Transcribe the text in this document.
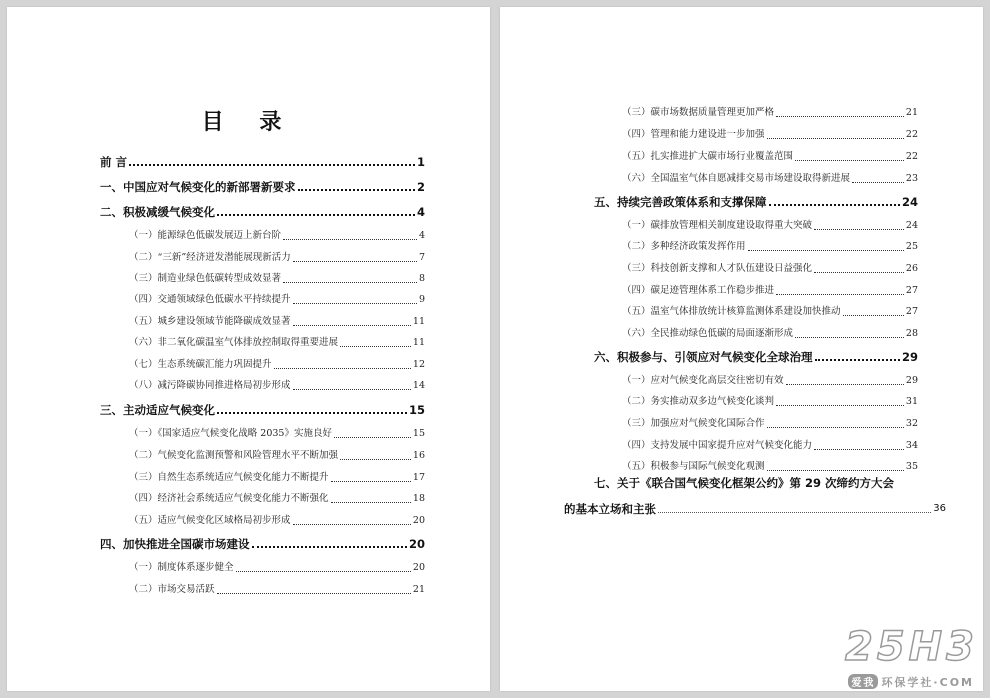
目 录
前 言	1
一、中国应对气候变化的新部署新要求	2
二、积极减缓气候变化	4
（一）能源绿色低碳发展迈上新台阶	4
（二）“三新”经济迸发潜能展现新活力	7
（三）制造业绿色低碳转型成效显著	8
（四）交通领域绿色低碳水平持续提升	9
（五）城乡建设领域节能降碳成效显著	11
（六）非二氧化碳温室气体排放控制取得重要进展	11
（七）生态系统碳汇能力巩固提升	12
（八）减污降碳协同推进格局初步形成	14
三、主动适应气候变化	15
（一）《国家适应气候变化战略 2035》实施良好	15
（二）气候变化监测预警和风险管理水平不断加强	16
（三）自然生态系统适应气候变化能力不断提升	17
（四）经济社会系统适应气候变化能力不断强化	18
（五）适应气候变化区域格局初步形成	20
四、加快推进全国碳市场建设	20
（一）制度体系逐步健全	20
（二）市场交易活跃	21
（三）碳市场数据质量管理更加严格	21
（四）管理和能力建设进一步加强	22
（五）扎实推进扩大碳市场行业覆盖范围	22
（六）全国温室气体自愿减排交易市场建设取得新进展	23
五、持续完善政策体系和支撑保障	24
（一）碳排放管理相关制度建设取得重大突破	24
（二）多种经济政策发挥作用	25
（三）科技创新支撑和人才队伍建设日益强化	26
（四）碳足迹管理体系工作稳步推进	27
（五）温室气体排放统计核算监测体系建设加快推动	27
（六）全民推动绿色低碳的局面逐渐形成	28
六、积极参与、引领应对气候变化全球治理	29
（一）应对气候变化高层交往密切有效	29
（二）务实推动双多边气候变化谈判	31
（三）加强应对气候变化国际合作	32
（四）支持发展中国家提升应对气候变化能力	34
（五）积极参与国际气候变化观测	35
七、关于《联合国气候变化框架公约》第 29 次缔约方大会
的基本立场和主张	36
25H3
爱我 环保学社·COM
